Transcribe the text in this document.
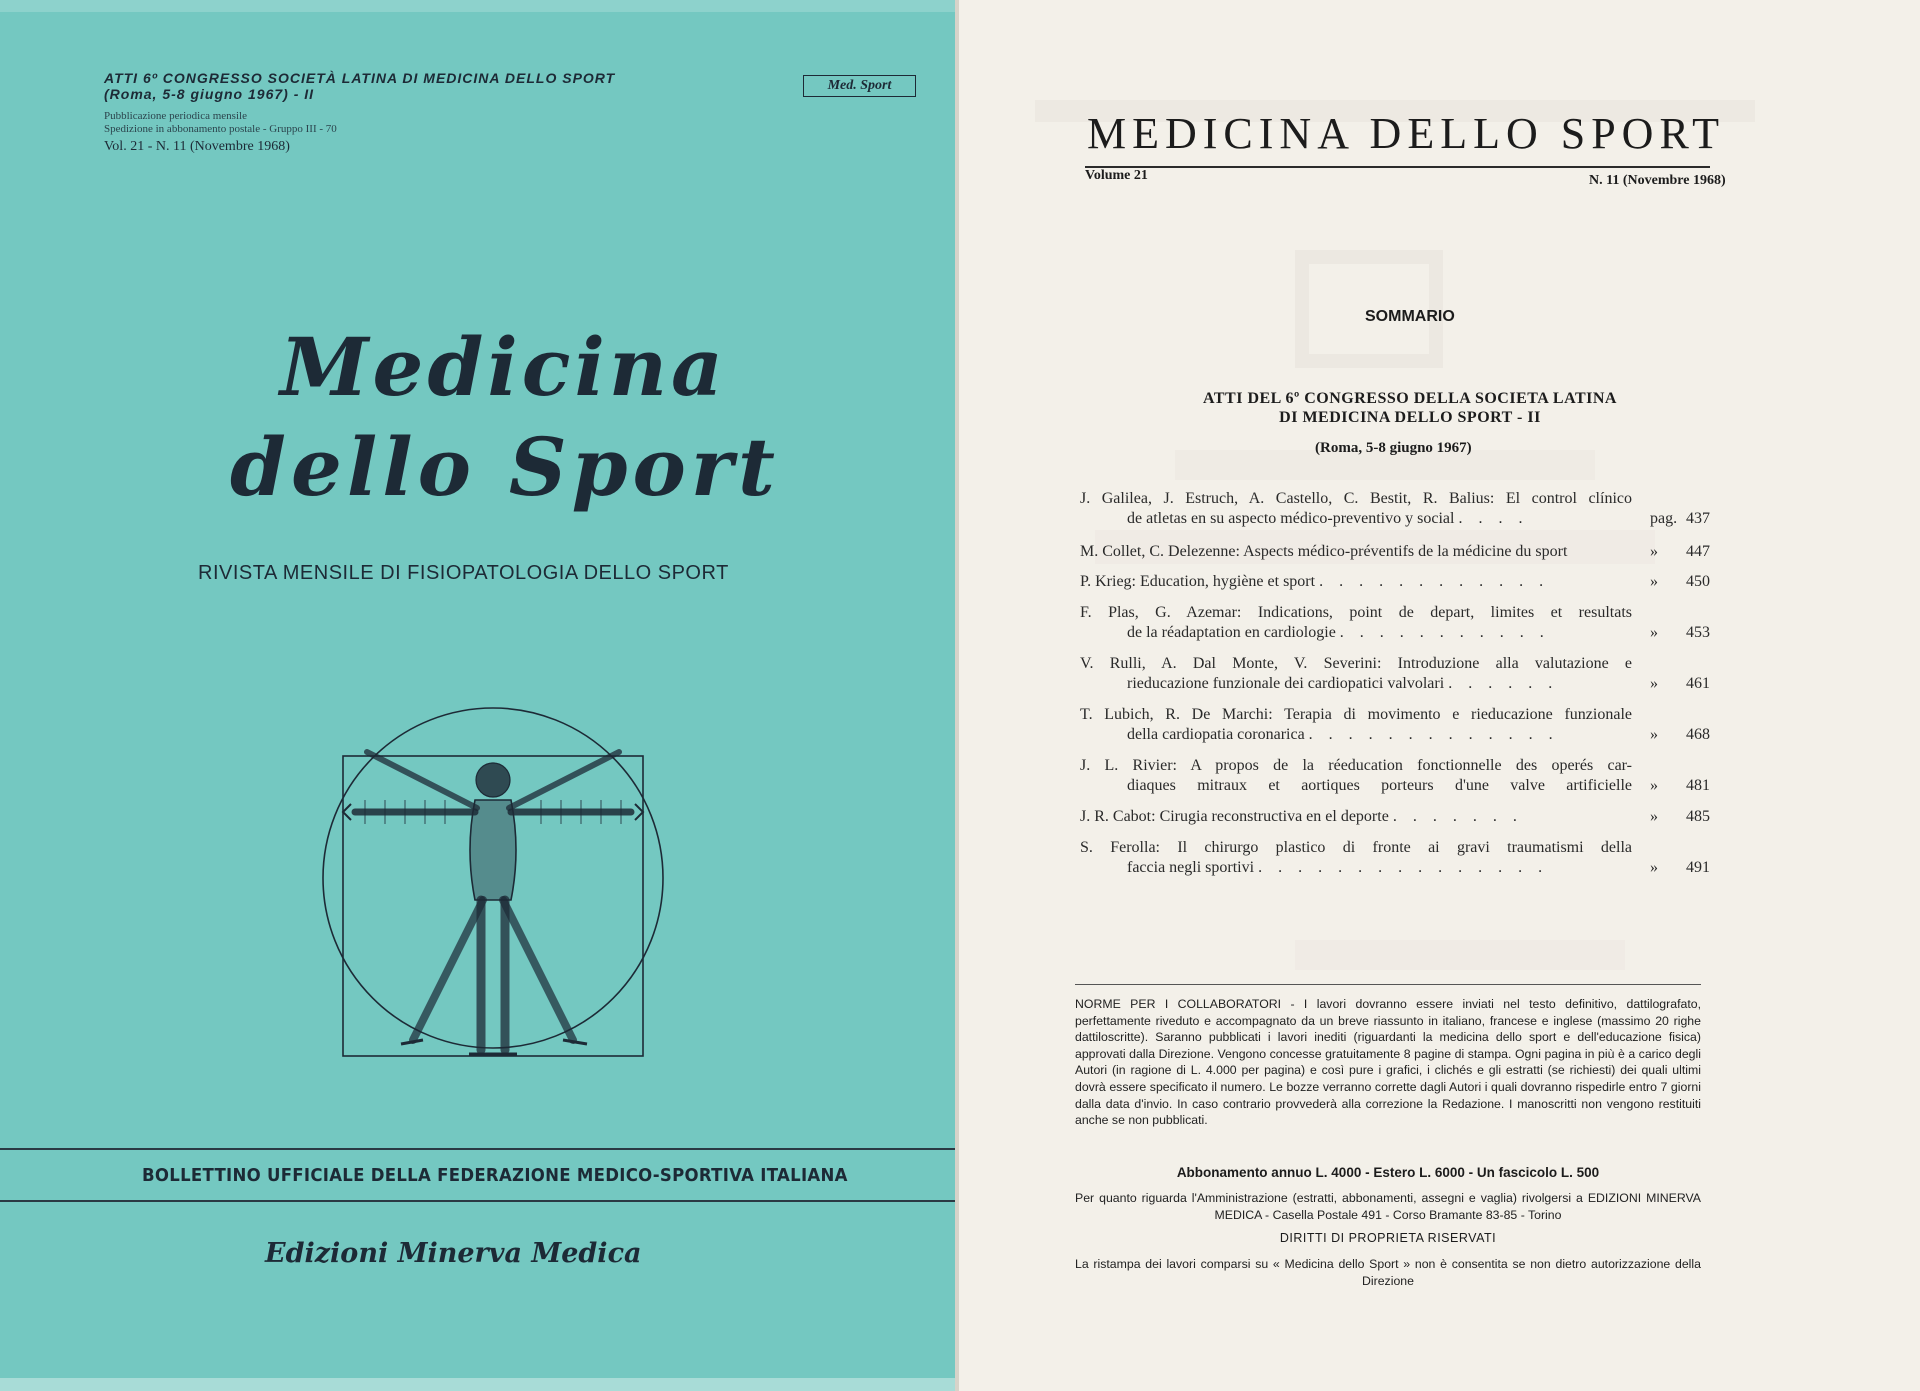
ATTI 6º CONGRESSO SOCIETÀ LATINA DI MEDICINA DELLO SPORT

(Roma, 5-8 giugno 1967) - II

Pubblicazione periodica mensile

Spedizione in abbonamento postale - Gruppo III - 70

Vol. 21 - N. 11 (Novembre 1968)

Med. Sport
Medicina
dello Sport

RIVISTA MENSILE DI FISIOPATOLOGIA DELLO SPORT

BOLLETTINO UFFICIALE DELLA FEDERAZIONE MEDICO-SPORTIVA ITALIANA

Edizioni Minerva Medica

MEDICINA DELLO SPORT

Volume 21	N. 11 (Novembre 1968)

SOMMARIO

ATTI DEL 6º CONGRESSO DELLA SOCIETA LATINA

DI MEDICINA DELLO SPORT - II

(Roma, 5-8 giugno 1967)

J. Galilea, J. Estruch, A. Castello, C. Bestit, R. Balius: El control clínico
de atletas en su aspecto médico-preventivo y social . . . .	pag. 437
M. Collet, C. Delezenne: Aspects médico-préventifs de la médicine du sport	» 447
P. Krieg: Education, hygiène et sport . . . . . . . . . . . .	» 450
F. Plas, G. Azemar: Indications, point de depart, limites et resultats
de la réadaptation en cardiologie . . . . . . . . . . .	» 453
V. Rulli, A. Dal Monte, V. Severini: Introduzione alla valutazione e
rieducazione funzionale dei cardiopatici valvolari . . . . . .	» 461
T. Lubich, R. De Marchi: Terapia di movimento e rieducazione funzionale
della cardiopatia coronarica . . . . . . . . . . . . .	» 468
J. L. Rivier: A propos de la réeducation fonctionnelle des operés car-
diaques mitraux et aortiques porteurs d'une valve artificielle » 481
J. R. Cabot: Cirugia reconstructiva en el deporte . . . . . . .	» 485
S. Ferolla: Il chirurgo plastico di fronte ai gravi traumatismi della
faccia negli sportivi . . . . . . . . . . . . . . .	» 491

NORME PER I COLLABORATORI - I lavori dovranno essere inviati nel testo definitivo, dattilografato, perfettamente riveduto e accompagnato da un breve riassunto in italiano, francese e inglese (massimo 20 righe dattiloscritte). Saranno pubblicati i lavori inediti (riguardanti la medicina dello sport e dell'educazione fisica) approvati dalla Direzione. Vengono concesse gratuitamente 8 pagine di stampa. Ogni pagina in più è a carico degli Autori (in ragione di L. 4.000 per pagina) e così pure i grafici, i clichés e gli estratti (se richiesti) dei quali ultimi dovrà essere specificato il numero. Le bozze verranno corrette dagli Autori i quali dovranno rispedirle entro 7 giorni dalla data d'invio. In caso contrario provvederà alla correzione la Redazione. I manoscritti non vengono restituiti anche se non pubblicati.

Abbonamento annuo L. 4000 - Estero L. 6000 - Un fascicolo L. 500

Per quanto riguarda l'Amministrazione (estratti, abbonamenti, assegni e vaglia) rivolgersi a EDIZIONI MINERVA MEDICA - Casella Postale 491 - Corso Bramante 83-85 - Torino

DIRITTI DI PROPRIETA RISERVATI

La ristampa dei lavori comparsi su « Medicina dello Sport » non è consentita se non dietro autorizzazione della Direzione
